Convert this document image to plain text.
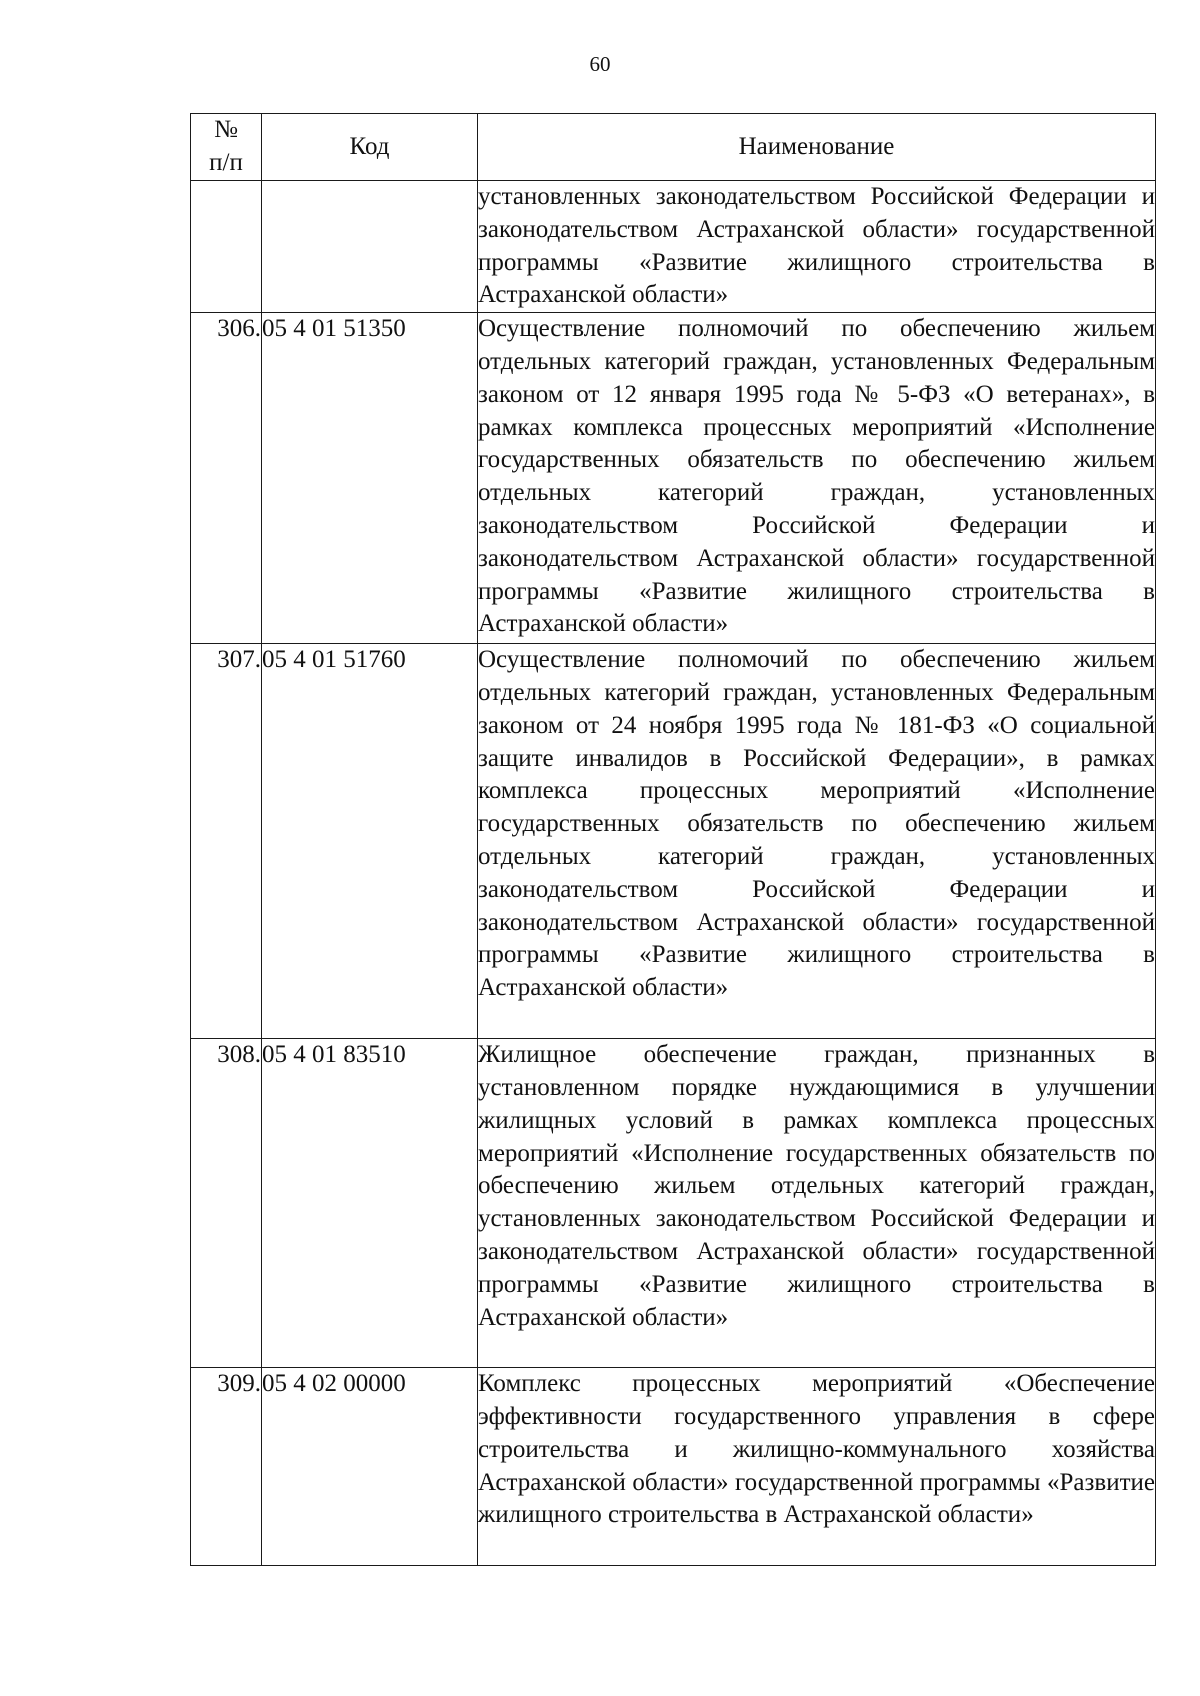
60
№
п/п	Код	Наименование
		установленных законодательством Российской Федерации и законодательством Астраханской области» государственной программы «Развитие жилищного строительства в Астраханской области»
306.	05 4 01 51350	Осуществление полномочий по обеспечению жильем отдельных категорий граждан, установленных Федеральным законом от 12 января 1995 года № 5-ФЗ «О ветеранах», в рамках комплекса процессных мероприятий «Исполнение государственных обязательств по обеспечению жильем отдельных категорий граждан, установленных законодательством Российской Федерации и законодательством Астраханской области» государственной программы «Развитие жилищного строительства в Астраханской области»
307.	05 4 01 51760	Осуществление полномочий по обеспечению жильем отдельных категорий граждан, установленных Федеральным законом от 24 ноября 1995 года № 181-ФЗ «О социальной защите инвалидов в Российской Федерации», в рамках комплекса процессных мероприятий «Исполнение государственных обязательств по обеспечению жильем отдельных категорий граждан, установленных законодательством Российской Федерации и законодательством Астраханской области» государственной программы «Развитие жилищного строительства в Астраханской области»
308.	05 4 01 83510	Жилищное обеспечение граждан, признанных в установленном порядке нуждающимися в улучшении жилищных условий в рамках комплекса процессных мероприятий «Исполнение государственных обязательств по обеспечению жильем отдельных категорий граждан, установленных законодательством Российской Федерации и законодательством Астраханской области» государственной программы «Развитие жилищного строительства в Астраханской области»
309.	05 4 02 00000	Комплекс процессных мероприятий «Обеспечение эффективности государственного управления в сфере строительства и жилищно-коммунального хозяйства Астраханской области» государственной программы «Развитие жилищного строительства в Астраханской области»
